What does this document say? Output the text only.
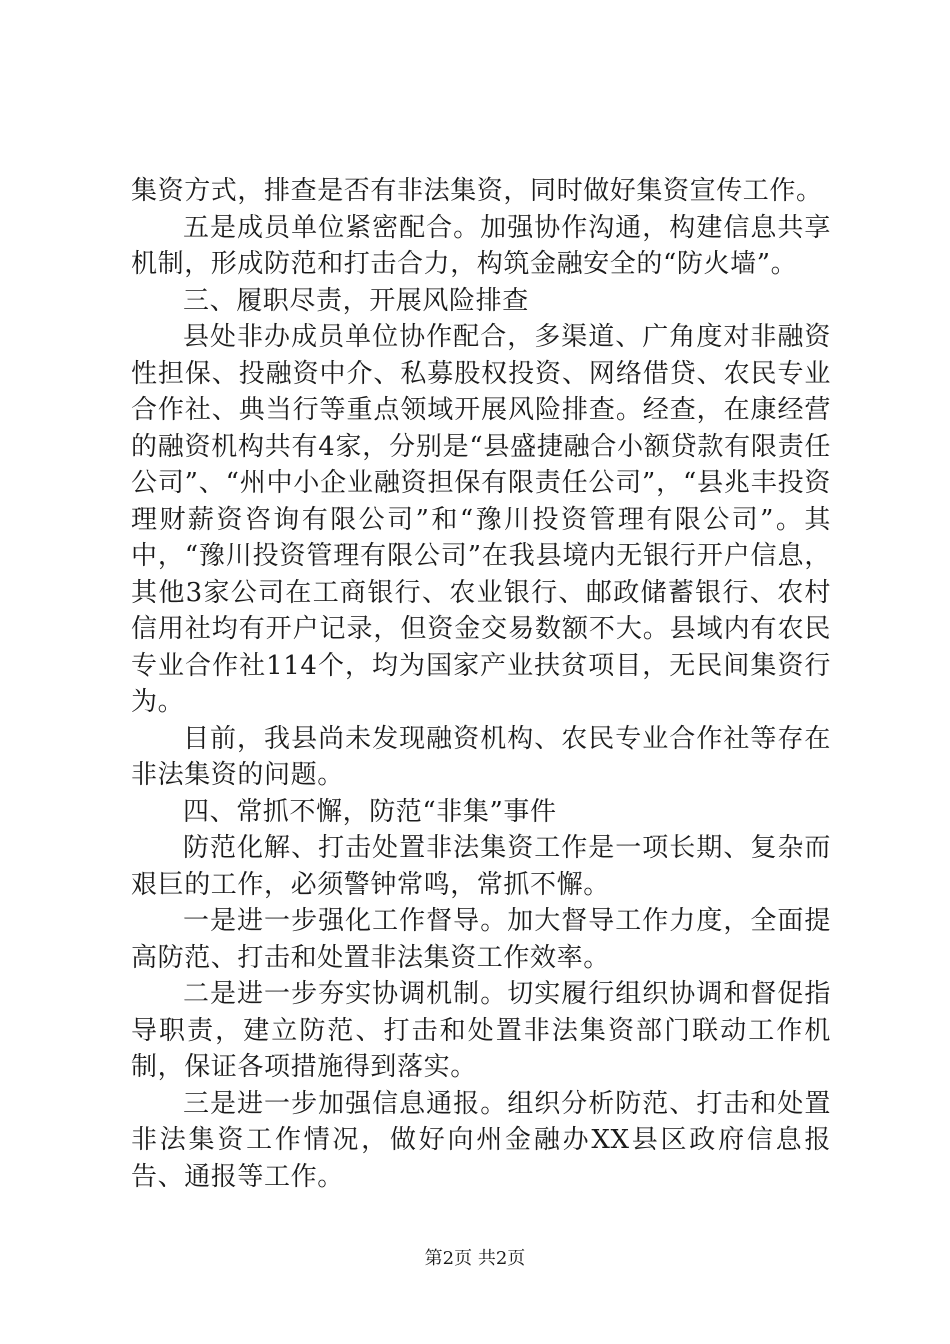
集资方式，排查是否有非法集资，同时做好集资宣传工作。

五是成员单位紧密配合。加强协作沟通，构建信息共享机制，形成防范和打击合力，构筑金融安全的“防火墙”。

三、履职尽责，开展风险排查

县处非办成员单位协作配合，多渠道、广角度对非融资性担保、投融资中介、私募股权投资、网络借贷、农民专业合作社、典当行等重点领域开展风险排查。经查，在康经营的融资机构共有4家，分别是“县盛捷融合小额贷款有限责任公司”、“州中小企业融资担保有限责任公司”，“县兆丰投资理财薪资咨询有限公司”和“豫川投资管理有限公司”。其中，“豫川投资管理有限公司”在我县境内无银行开户信息，其他3家公司在工商银行、农业银行、邮政储蓄银行、农村信用社均有开户记录，但资金交易数额不大。县域内有农民专业合作社114个，均为国家产业扶贫项目，无民间集资行为。

目前，我县尚未发现融资机构、农民专业合作社等存在非法集资的问题。

四、常抓不懈，防范“非集”事件

防范化解、打击处置非法集资工作是一项长期、复杂而艰巨的工作，必须警钟常鸣，常抓不懈。

一是进一步强化工作督导。加大督导工作力度，全面提高防范、打击和处置非法集资工作效率。

二是进一步夯实协调机制。切实履行组织协调和督促指导职责，建立防范、打击和处置非法集资部门联动工作机制，保证各项措施得到落实。

三是进一步加强信息通报。组织分析防范、打击和处置非法集资工作情况，做好向州金融办XX县区政府信息报告、通报等工作。

第2页 共2页
